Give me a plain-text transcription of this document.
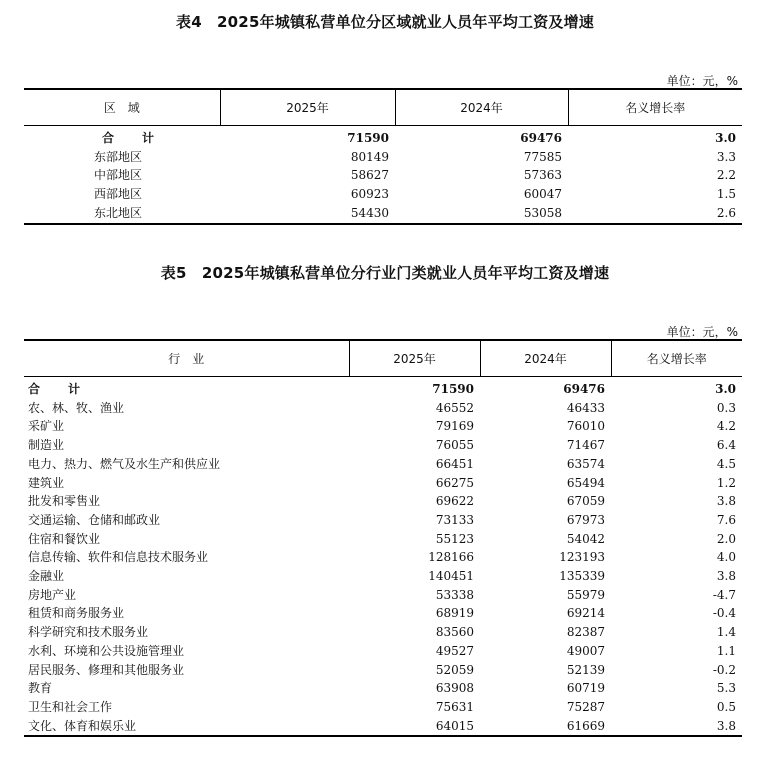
表4　2025年城镇私营单位分区域就业人员年平均工资及增速
单位：元，%
区　域	2025年	2024年	名义增长率
合　计	71590	69476	3.0
东部地区	80149	77585	3.3
中部地区	58627	57363	2.2
西部地区	60923	60047	1.5
东北地区	54430	53058	2.6
表5　2025年城镇私营单位分行业门类就业人员年平均工资及增速
单位：元，%
行　业	2025年	2024年	名义增长率
合　计	71590	69476	3.0
农、林、牧、渔业	46552	46433	0.3
采矿业	79169	76010	4.2
制造业	76055	71467	6.4
电力、热力、燃气及水生产和供应业	66451	63574	4.5
建筑业	66275	65494	1.2
批发和零售业	69622	67059	3.8
交通运输、仓储和邮政业	73133	67973	7.6
住宿和餐饮业	55123	54042	2.0
信息传输、软件和信息技术服务业	128166	123193	4.0
金融业	140451	135339	3.8
房地产业	53338	55979	-4.7
租赁和商务服务业	68919	69214	-0.4
科学研究和技术服务业	83560	82387	1.4
水利、环境和公共设施管理业	49527	49007	1.1
居民服务、修理和其他服务业	52059	52139	-0.2
教育	63908	60719	5.3
卫生和社会工作	75631	75287	0.5
文化、体育和娱乐业	64015	61669	3.8
